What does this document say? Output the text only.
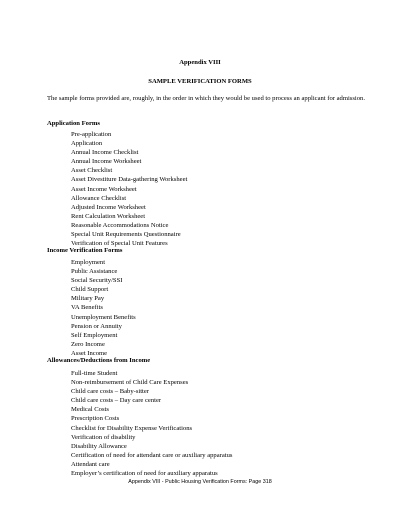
Appendix VIII
SAMPLE VERIFICATION FORMS
The sample forms provided are, roughly, in the order in which they would be used to process an applicant for admission.
Application Forms
Pre-application
Application
Annual Income Checklist
Annual Income Worksheet
Asset Checklist
Asset Divestiture Data-gathering Worksheet
Asset Income Worksheet
Allowance Checklist
Adjusted Income Worksheet
Rent Calculation Worksheet
Reasonable Accommodations Notice
Special Unit Requirements Questionnaire
Verification of Special Unit Features
Income Verification Forms
Employment
Public Assistance
Social Security/SSI
Child Support
Military Pay
VA Benefits
Unemployment Benefits
Pension or Annuity
Self Employment
Zero Income
Asset Income
Allowances/Deductions from Income
Full-time Student
Non-reimbursement of Child Care Expenses
Child care costs – Baby-sitter
Child care costs – Day care center
Medical Costs
Prescription Costs
Checklist for Disability Expense Verifications
Verification of disability
Disability Allowance
Certification of need for attendant care or auxiliary apparatus
Attendant care
Employer’s certification of need for auxiliary apparatus
Appendix VIII - Public Housing Verification Forms: Page 318
